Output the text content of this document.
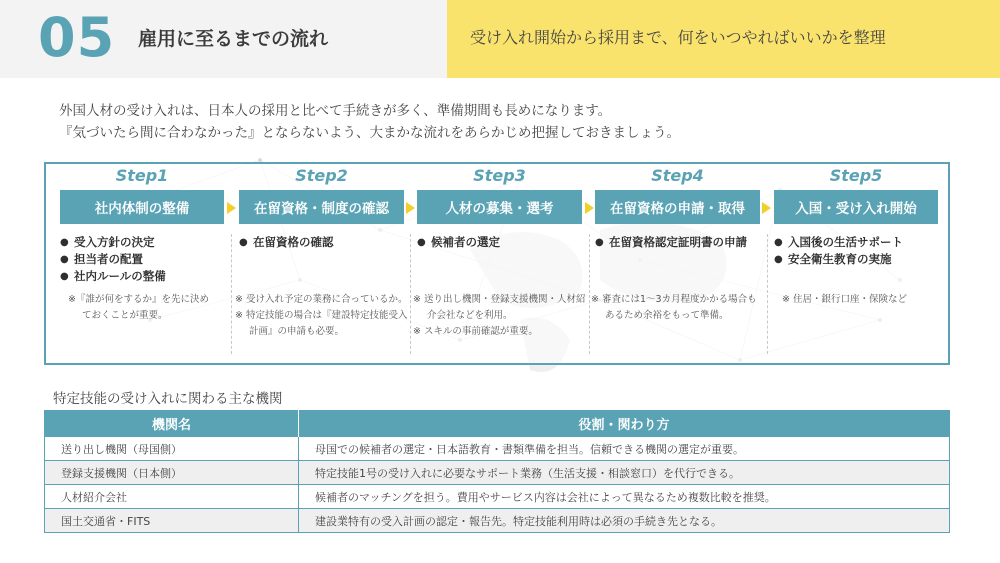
05 雇用に至るまでの流れ	受け入れ開始から採用まで、何をいつやればいいかを整理
外国人材の受け入れは、日本人の採用と比べて手続きが多く、準備期間も長めになります。
『気づいたら間に合わなかった』とならないよう、大まかな流れをあらかじめ把握しておきましょう。
Step1
社内体制の整備
● 受入方針の決定
● 担当者の配置
● 社内ルールの整備

※『誰が何をするか』を先に決めておくことが重要。

Step2
在留資格・制度の確認
● 在留資格の確認

※ 受け入れ予定の業務に合っているか。

※ 特定技能の場合は『建設特定技能受入計画』の申請も必要。

Step3
人材の募集・選考
● 候補者の選定

※ 送り出し機関・登録支援機関・人材紹介会社などを利用。

※ スキルの事前確認が重要。

Step4
在留資格の申請・取得
● 在留資格認定証明書の申請

※ 審査には1〜3カ月程度かかる場合もあるため余裕をもって準備。

Step5
入国・受け入れ開始
● 入国後の生活サポート
● 安全衛生教育の実施

※ 住居・銀行口座・保険など

特定技能の受け入れに関わる主な機関
機関名	役割・関わり方
送り出し機関（母国側）	母国での候補者の選定・日本語教育・書類準備を担当。信頼できる機関の選定が重要。
登録支援機関（日本側）	特定技能1号の受け入れに必要なサポート業務（生活支援・相談窓口）を代行できる。
人材紹介会社	候補者のマッチングを担う。費用やサービス内容は会社によって異なるため複数比較を推奨。
国土交通省・FITS	建設業特有の受入計画の認定・報告先。特定技能利用時は必須の手続き先となる。
